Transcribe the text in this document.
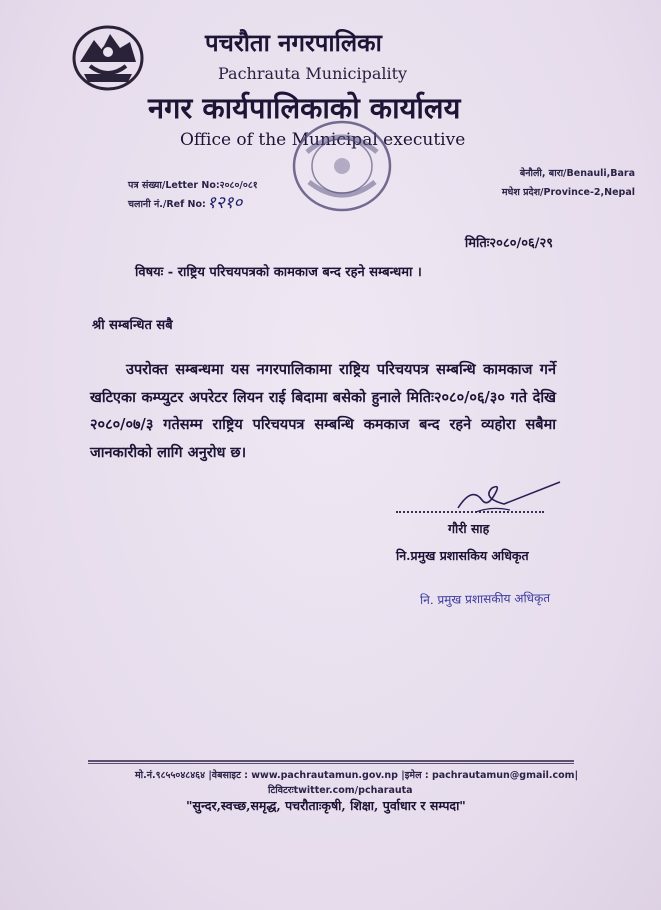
पचरौता नगरपालिका
Pachrauta Municipality
नगर कार्यपालिकाको कार्यालय
Office of the Municipal executive
पत्र संख्या/Letter No:२०८०/०८१
चलानी नं./Ref No: १२१०
बेनौली, बारा/Benauli,Bara
मधेश प्रदेश/Province-2,Nepal
मितिः२०८०/०६/२९
विषयः - राष्ट्रिय परिचयपत्रको कामकाज बन्द रहने सम्बन्धमा ।
श्री सम्बन्धित सबै
उपरोक्त सम्बन्धमा यस नगरपालिकामा राष्ट्रिय परिचयपत्र सम्बन्धि कामकाज गर्ने खटिएका कम्प्युटर अपरेटर लियन राई बिदामा बसेको हुनाले मितिः२०८०/०६/३० गते देखि २०८०/०७/३ गतेसम्म राष्ट्रिय परिचयपत्र सम्बन्धि कमकाज बन्द रहने व्यहोरा सबैमा जानकारीको लागि अनुरोध छ।
गौरी साह
नि.प्रमुख प्रशासकिय अधिकृत
नि. प्रमुख प्रशासकीय अधिकृत
मो.नं.९८५५०४८४६४ |वेबसाइट : www.pachrautamun.gov.np |इमेल : pachrautamun@gmail.com|
टिविटरःtwitter.com/pcharauta
"सुन्दर,स्वच्छ,समृद्ध, पचरौताःकृषी, शिक्षा, पुर्वाधार र सम्पदा"
